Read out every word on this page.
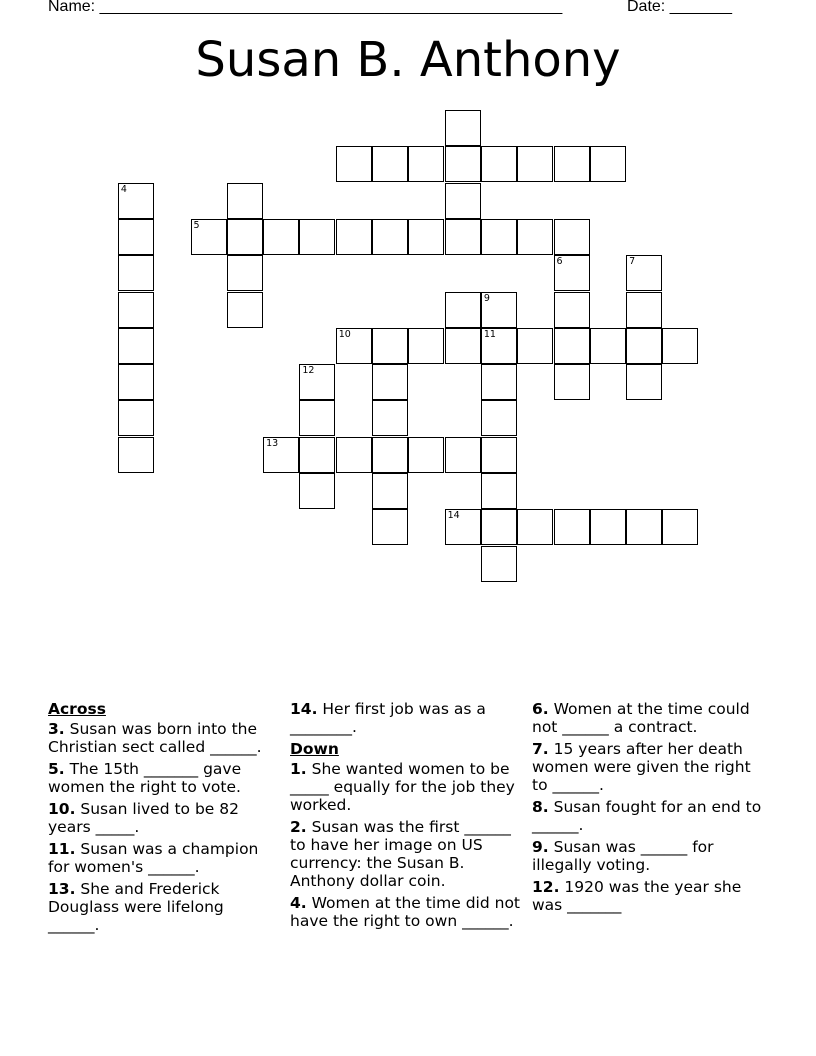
Name: ____________________________________________________	Date: _______
Susan B. Anthony
4
5
6	7
9
10	11
12
13
14
Across
3. Susan was born into the Christian sect called ______.
5. The 15th _______ gave women the right to vote.
10. Susan lived to be 82 years _____.
11. Susan was a champion for women's ______.
13. She and Frederick Douglass were lifelong ______.
14. Her first job was as a ________.
Down
1. She wanted women to be _____ equally for the job they worked.
2. Susan was the first ______ to have her image on US currency: the Susan B. Anthony dollar coin.
4. Women at the time did not have the right to own ______.
6. Women at the time could not ______ a contract.
7. 15 years after her death women were given the right to ______.
8. Susan fought for an end to ______.
9. Susan was ______ for illegally voting.
12. 1920 was the year she was _______
